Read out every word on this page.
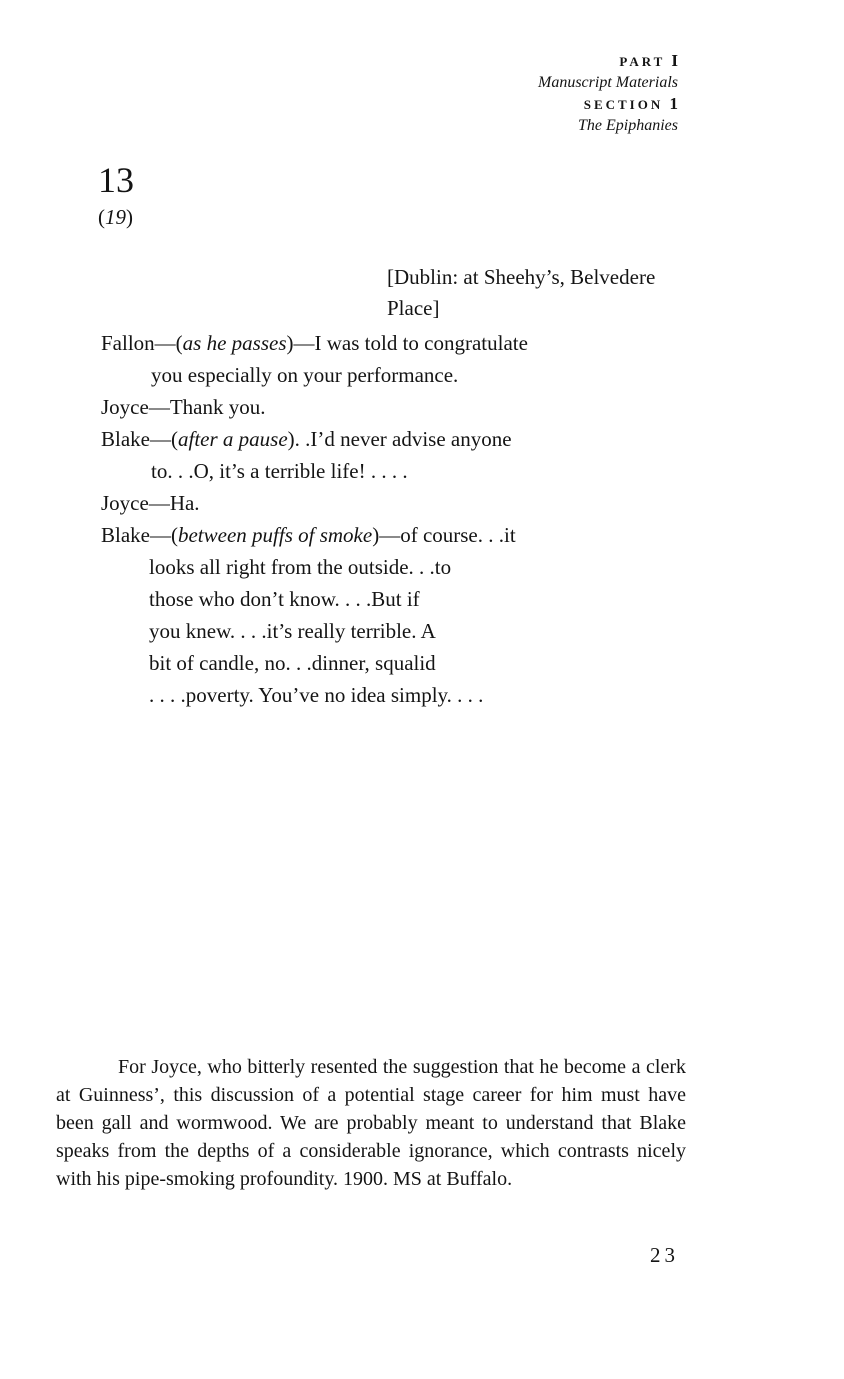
PART I
Manuscript Materials
SECTION 1
The Epiphanies
13
(19)
[Dublin: at Sheehy’s, Belvedere
Place]
Fallon—(as he passes)—I was told to congratulate
you especially on your performance.
Joyce—Thank you.
Blake—(after a pause). .I’d never advise anyone
to. . .O, it’s a terrible life! . . . .
Joyce—Ha.
Blake—(between puffs of smoke)—of course. . .it
looks all right from the outside. . .to
those who don’t know. . . .But if
you knew. . . .it’s really terrible. A
bit of candle, no. . .dinner, squalid
. . . .poverty. You’ve no idea simply. . . .
For Joyce, who bitterly resented the suggestion that he become a clerk at Guinness’, this discussion of a potential stage career for him must have been gall and wormwood. We are probably meant to understand that Blake speaks from the depths of a considerable ignorance, which contrasts nicely with his pipe-smoking profoundity. 1900. MS at Buffalo.
23
